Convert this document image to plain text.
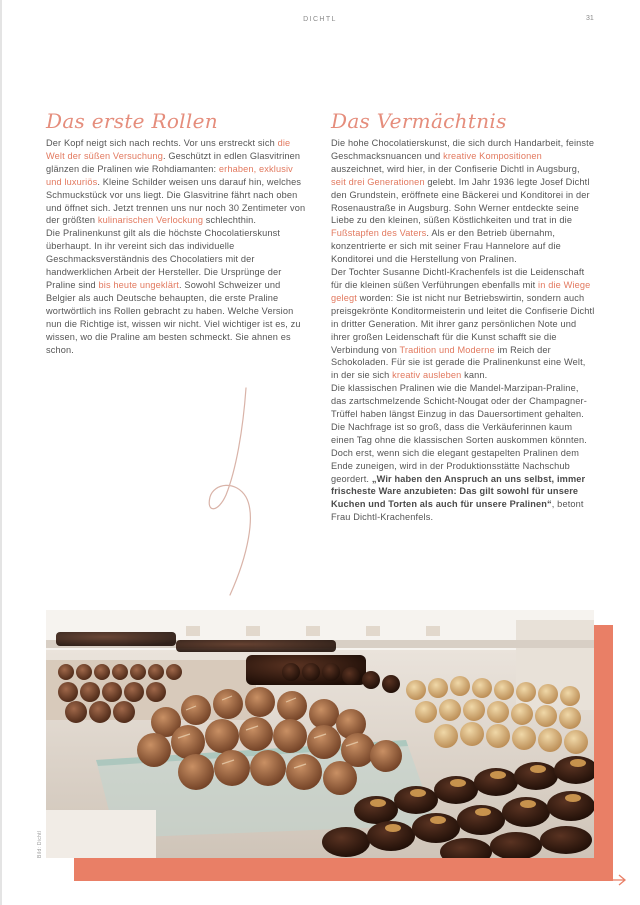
DICHTL	31
Das erste Rollen

Der Kopf neigt sich nach rechts. Vor uns erstreckt sich die Welt der süßen Versuchung. Geschützt in edlen Glasvitrinen glänzen die Pralinen wie Rohdiamanten: erhaben, exklusiv und luxuriös. Kleine Schilder weisen uns darauf hin, welches Schmuckstück vor uns liegt. Die Glasvitrine fährt nach oben und öffnet sich. Jetzt trennen uns nur noch 30 Zentimeter von der größten kulinarischen Verlockung schlechthin.
Die Pralinenkunst gilt als die höchste Chocolatierskunst überhaupt. In ihr vereint sich das individuelle Geschmacksverständnis des Chocolatiers mit der handwerklichen Arbeit der Hersteller. Die Ursprünge der Praline sind bis heute ungeklärt. Sowohl Schweizer und Belgier als auch Deutsche behaupten, die erste Praline wortwörtlich ins Rollen gebracht zu haben. Welche Version nun die Richtige ist, wissen wir nicht. Viel wichtiger ist es, zu wissen, wo die Praline am besten schmeckt. Sie ahnen es schon.

Das Vermächtnis

Die hohe Chocolatierskunst, die sich durch Handarbeit, feinste Geschmacksnuancen und kreative Kompositionen auszeichnet, wird hier, in der Confiserie Dichtl in Augsburg, seit drei Generationen gelebt. Im Jahr 1936 legte Josef Dichtl den Grundstein, eröffnete eine Bäckerei und Konditorei in der Rosenaustraße in Augsburg. Sohn Werner entdeckte seine Liebe zu den kleinen, süßen Köstlichkeiten und trat in die Fußstapfen des Vaters. Als er den Betrieb übernahm, konzentrierte er sich mit seiner Frau Hannelore auf die Konditorei und die Herstellung von Pralinen.
Der Tochter Susanne Dichtl-Krachenfels ist die Leidenschaft für die kleinen süßen Verführungen ebenfalls mit in die Wiege gelegt worden: Sie ist nicht nur Betriebswirtin, sondern auch preisgekrönte Konditormeisterin und leitet die Confiserie Dichtl in dritter Generation. Mit ihrer ganz persönlichen Note und ihrer großen Leidenschaft für die Kunst schafft sie die Verbindung von Tradition und Moderne im Reich der Schokoladen. Für sie ist gerade die Pralinenkunst eine Welt, in der sie sich kreativ ausleben kann.
Die klassischen Pralinen wie die Mandel-Marzipan-Praline, das zartschmelzende Schicht-Nougat oder der Champagner-Trüffel haben längst Einzug in das Dauersortiment gehalten. Die Nachfrage ist so groß, dass die Verkäuferinnen kaum einen Tag ohne die klassischen Sorten auskommen könnten. Doch erst, wenn sich die elegant gestapelten Pralinen dem Ende zuneigen, wird in der Produktionsstätte Nachschub geordert. „Wir haben den Anspruch an uns selbst, immer frischeste Ware anzubieten: Das gilt sowohl für unsere Kuchen und Torten als auch für unsere Pralinen“, betont Frau Dichtl-Krachenfels.

Bild: Dichtl
